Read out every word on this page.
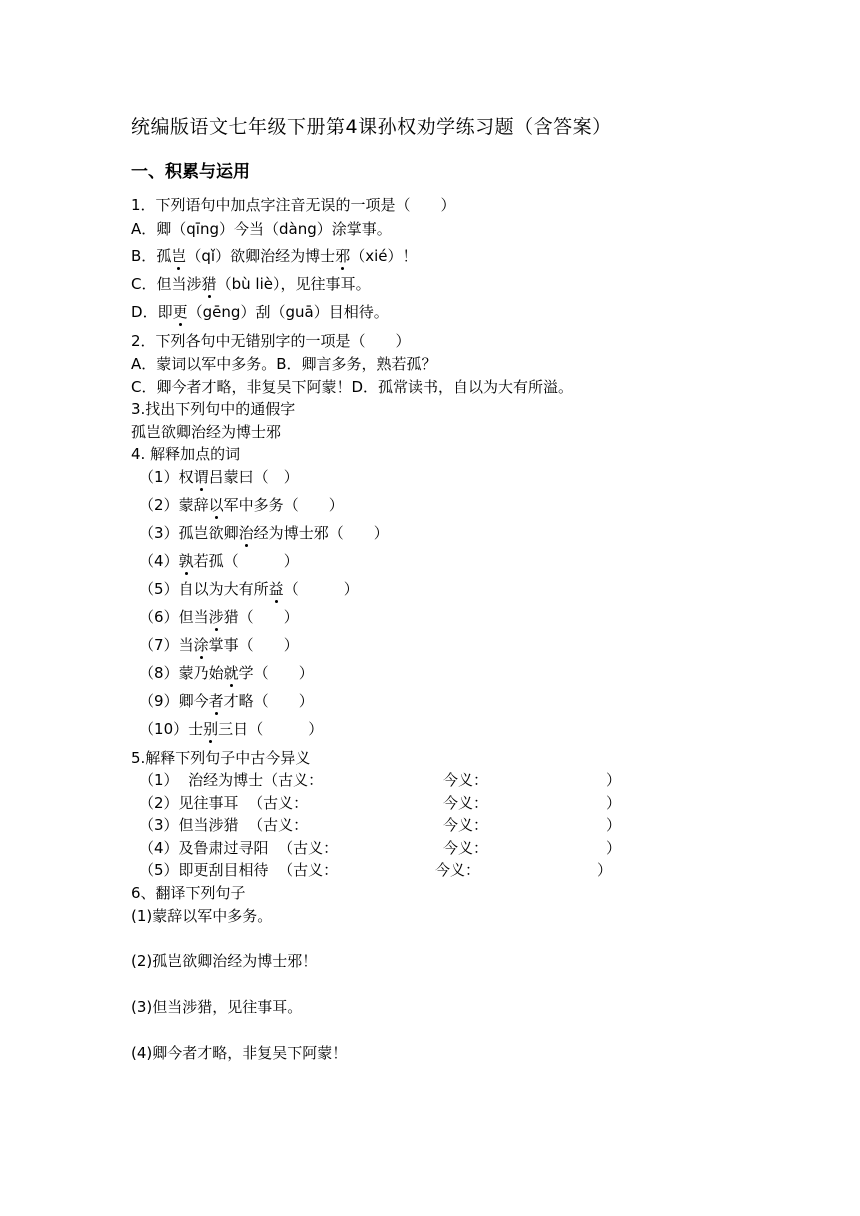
统编版语文七年级下册第4课孙权劝学练习题（含答案）
一、积累与运用
1．下列语句中加点字注音无误的一项是（　　）
A．卿（qīng）今当（dàng）涂掌事。
B．孤岂（qǐ）欲卿治经为博士邪（xié）！
C．但当涉猎（bù liè），见往事耳。
D．即更（gēng）刮（guā）目相待。
2．下列各句中无错别字的一项是（　　）
A．蒙词以军中多务。B．卿言多务，熟若孤？
C．卿今者才略，非复吴下阿蒙！D．孤常读书，自以为大有所溢。
3.找出下列句中的通假字
孤岂欲卿治经为博士邪
4. 解释加点的词
（1）权谓吕蒙曰（　 ）
（2）蒙辞以军中多务（　　 ）
（3）孤岂欲卿治经为博士邪（　　 ）
（4）孰若孤（　　　	）
（5）自以为大有所益（　　　	）
（6）但当涉猎（　　 ）
（7）当涂掌事（　　 ）
（8）蒙乃始就学（　　 ）
（9）卿今者才略（　　 ）
（10）士别三日（　　　	）
5.解释下列句子中古今异义
（1）  治经为博士（古义：	今义：	）
（2）见往事耳  （古义：	今义：	）
（3）但当涉猎  （古义：	今义：	）
（4）及鲁肃过寻阳  （古义：	今义：	）
（5）即更刮目相待  （古义：	今义：	）
6、翻译下列句子
(1)蒙辞以军中多务。
(2)孤岂欲卿治经为博士邪！
(3)但当涉猎，见往事耳。
(4)卿今者才略，非复吴下阿蒙！
